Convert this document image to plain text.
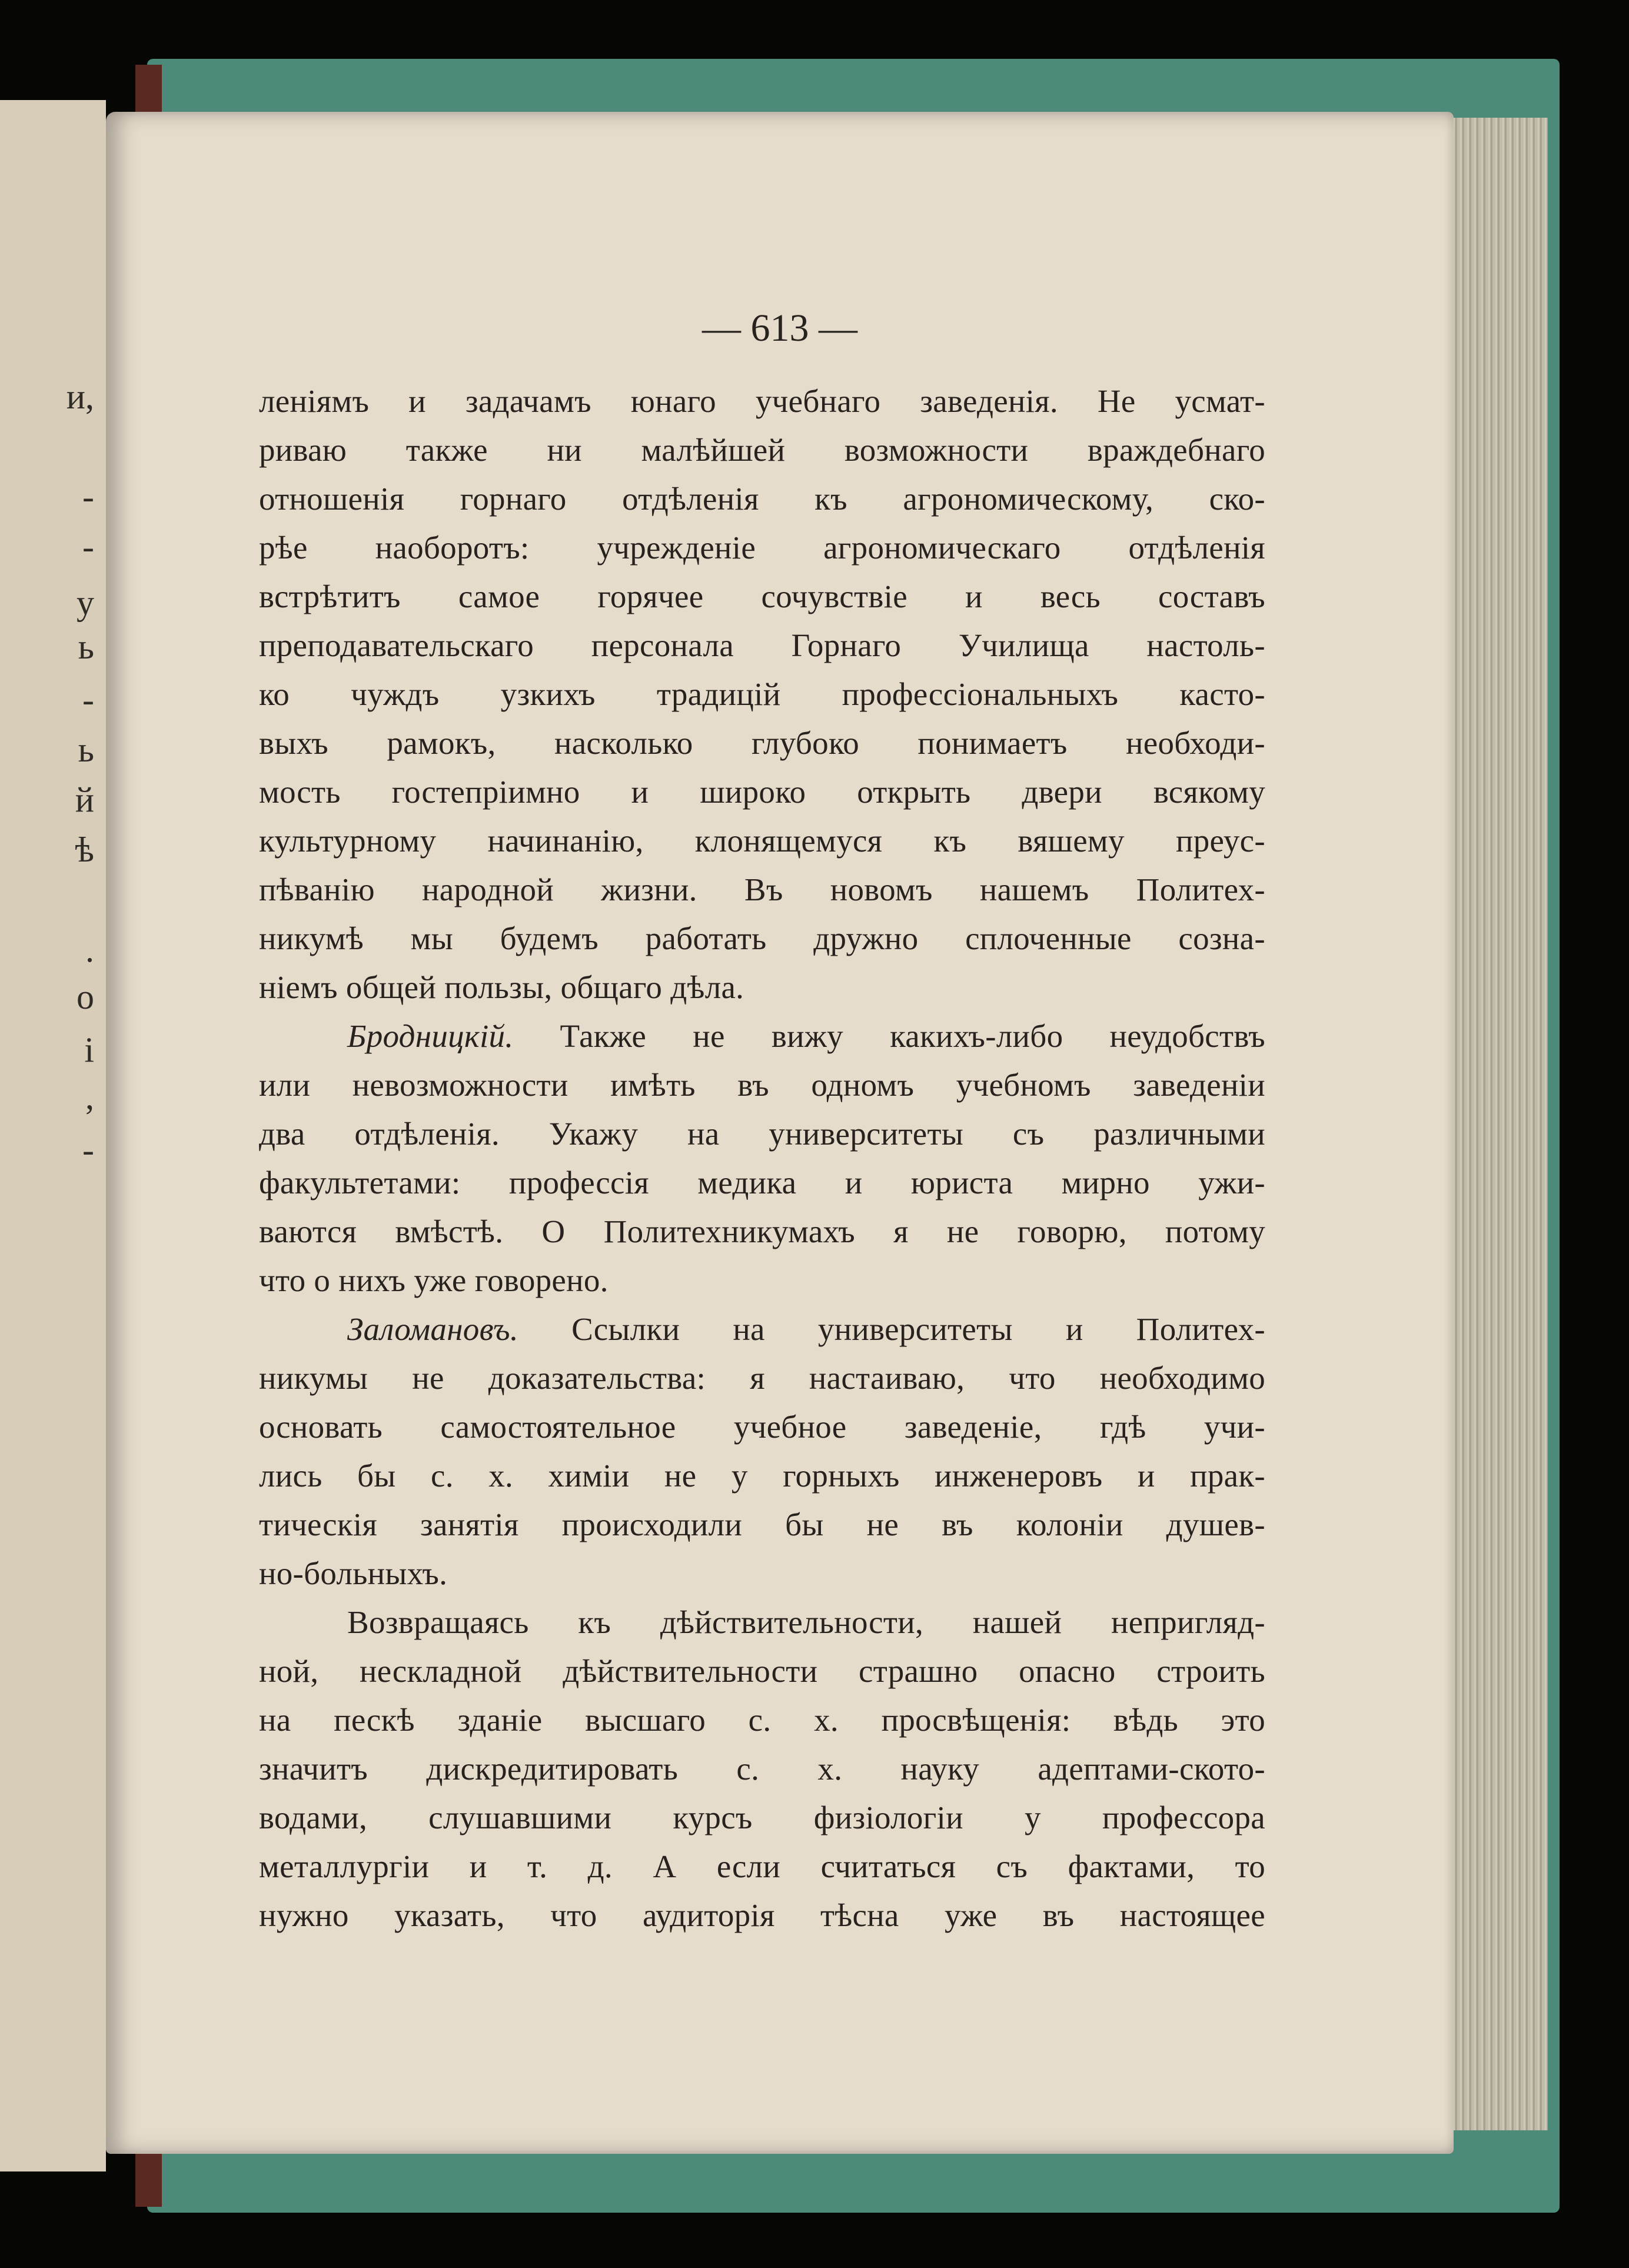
и,
-
-
у
ь
-
ь
й
ѣ
.
о
і
,
-
— 613 —
леніямъ и задачамъ юнаго учебнаго заведенія. Не усмат-
риваю также ни малѣйшей возможности враждебнаго
отношенія горнаго отдѣленія къ агрономическому, ско-
рѣе наоборотъ: учрежденіе агрономическаго отдѣленія
встрѣтитъ самое горячее сочувствіе и весь составъ
преподавательскаго персонала Горнаго Училища настоль-
ко чуждъ узкихъ традицій профессіональныхъ касто-
выхъ рамокъ, насколько глубоко понимаетъ необходи-
мость гостепріимно и широко открыть двери всякому
культурному начинанію, клонящемуся къ вяшему преус-
пѣванію народной жизни. Въ новомъ нашемъ Политех-
никумѣ мы будемъ работать дружно сплоченные созна-
ніемъ общей пользы, общаго дѣла.
Бродницкій. Также не вижу какихъ-либо неудобствъ
или невозможности имѣть въ одномъ учебномъ заведеніи
два отдѣленія. Укажу на университеты съ различными
факультетами: профессія медика и юриста мирно ужи-
ваются вмѣстѣ. О Политехникумахъ я не говорю, потому
что о нихъ уже говорено.
Заломановъ. Ссылки на университеты и Политех-
никумы не доказательства: я настаиваю, что необходимо
основать самостоятельное учебное заведеніе, гдѣ учи-
лись бы с. х. химіи не у горныхъ инженеровъ и прак-
тическія занятія происходили бы не въ колоніи душев-
но-больныхъ.
Возвращаясь къ дѣйствительности, нашей непригляд-
ной, нескладной дѣйствительности страшно опасно строить
на пескѣ зданіе высшаго с. х. просвѣщенія: вѣдь это
значитъ дискредитировать с. х. науку адептами-ското-
водами, слушавшими курсъ физіологіи у профессора
металлургіи и т. д. А если считаться съ фактами, то
нужно указать, что аудиторія тѣсна уже въ настоящее
